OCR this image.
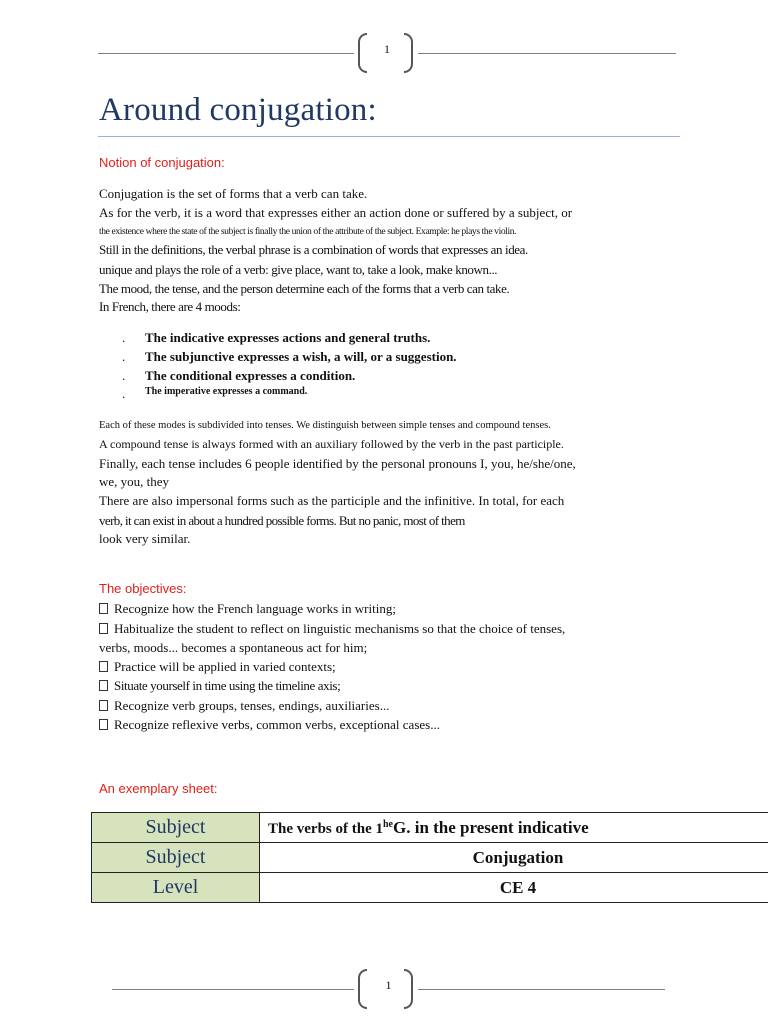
1
Around conjugation:
Notion of conjugation:
Conjugation is the set of forms that a verb can take.
As for the verb, it is a word that expresses either an action done or suffered by a subject, or
the existence where the state of the subject is finally the union of the attribute of the subject. Example: he plays the violin.
Still in the definitions, the verbal phrase is a combination of words that expresses an idea.
unique and plays the role of a verb: give place, want to, take a look, make known...
The mood, the tense, and the person determine each of the forms that a verb can take.
In French, there are 4 moods:
. The indicative expresses actions and general truths.
. The subjunctive expresses a wish, a will, or a suggestion.
. The conditional expresses a condition.
. The imperative expresses a command.
Each of these modes is subdivided into tenses. We distinguish between simple tenses and compound tenses.
A compound tense is always formed with an auxiliary followed by the verb in the past participle.
Finally, each tense includes 6 people identified by the personal pronouns I, you, he/she/one,
we, you, they
There are also impersonal forms such as the participle and the infinitive. In total, for each
verb, it can exist in about a hundred possible forms. But no panic, most of them
look very similar.
The objectives:
Recognize how the French language works in writing;
Habitualize the student to reflect on linguistic mechanisms so that the choice of tenses,
verbs, moods... becomes a spontaneous act for him;
Practice will be applied in varied contexts;
Situate yourself in time using the timeline axis;
Recognize verb groups, tenses, endings, auxiliaries...
Recognize reflexive verbs, common verbs, exceptional cases...
An exemplary sheet:
Subject	The verbs of the $1^{he}G$. in the present indicative
Subject	Conjugation
Level	CE 4
1
